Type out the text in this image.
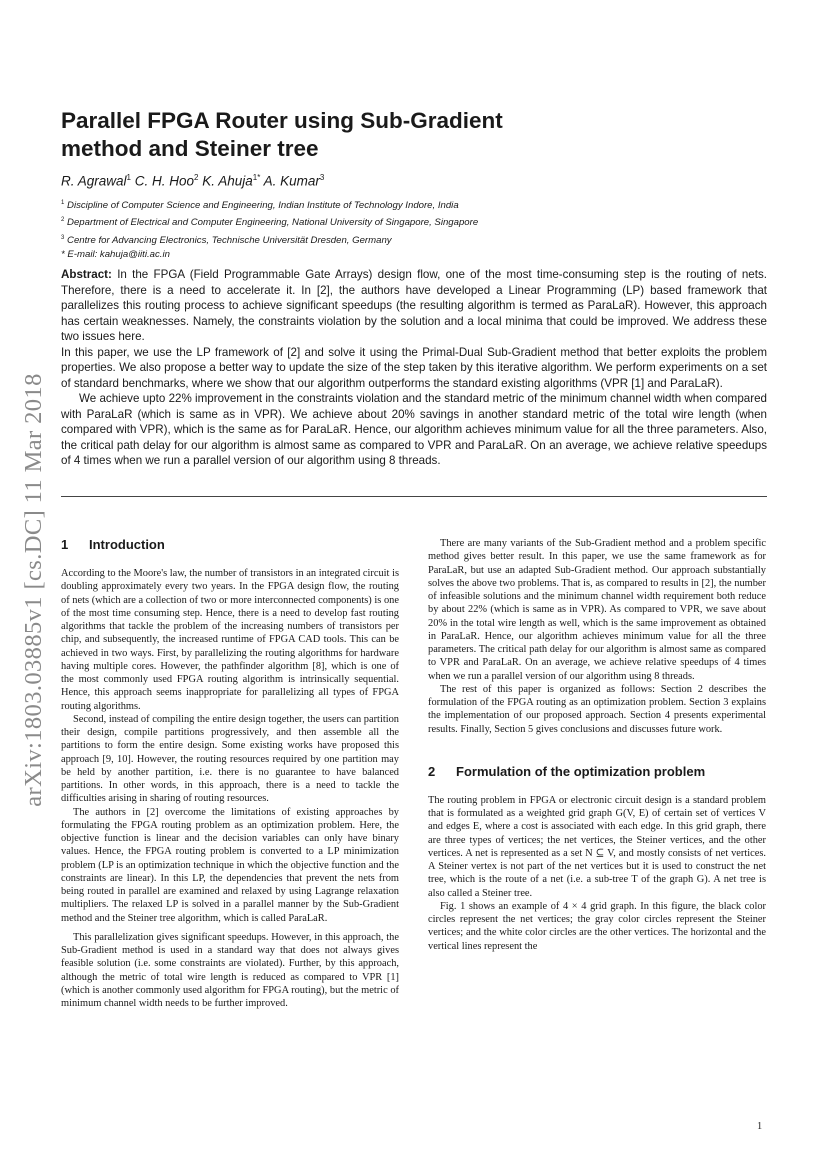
arXiv:1803.03885v1 [cs.DC] 11 Mar 2018
Parallel FPGA Router using Sub-Gradient
method and Steiner tree
R. Agrawal$^1$ C. H. Hoo$^2$ K. Ahuja$^{1*}$ A. Kumar$^3$
$^1$ Discipline of Computer Science and Engineering, Indian Institute of Technology Indore, India
$^2$ Department of Electrical and Computer Engineering, National University of Singapore, Singapore
$^3$ Centre for Advancing Electronics, Technische Universität Dresden, Germany
* E-mail: kahuja@iiti.ac.in

Abstract: In the FPGA (Field Programmable Gate Arrays) design flow, one of the most time-consuming step is the routing of nets. Therefore, there is a need to accelerate it. In [2], the authors have developed a Linear Programming (LP) based framework that parallelizes this routing process to achieve significant speedups (the resulting algorithm is termed as ParaLaR). However, this approach has certain weaknesses. Namely, the constraints violation by the solution and a local minima that could be improved. We address these two issues here.

In this paper, we use the LP framework of [2] and solve it using the Primal-Dual Sub-Gradient method that better exploits the problem properties. We also propose a better way to update the size of the step taken by this iterative algorithm. We perform experiments on a set of standard benchmarks, where we show that our algorithm outperforms the standard existing algorithms (VPR [1] and ParaLaR).

We achieve upto 22% improvement in the constraints violation and the standard metric of the minimum channel width when compared with ParaLaR (which is same as in VPR). We achieve about 20% savings in another standard metric of the total wire length (when compared with VPR), which is the same as for ParaLaR. Hence, our algorithm achieves minimum value for all the three parameters. Also, the critical path delay for our algorithm is almost same as compared to VPR and ParaLaR. On an average, we achieve relative speedups of 4 times when we run a parallel version of our algorithm using 8 threads.

1 Introduction

According to the Moore's law, the number of transistors in an integrated circuit is doubling approximately every two years. In the FPGA design flow, the routing of nets (which are a collection of two or more interconnected components) is one of the most time consuming step. Hence, there is a need to develop fast routing algorithms that tackle the problem of the increasing numbers of transistors per chip, and subsequently, the increased runtime of FPGA CAD tools. This can be achieved in two ways. First, by parallelizing the routing algorithms for hardware having multiple cores. However, the pathfinder algorithm [8], which is one of the most commonly used FPGA routing algorithm is intrinsically sequential. Hence, this approach seems inappropriate for parallelizing all types of FPGA routing algorithms.

Second, instead of compiling the entire design together, the users can partition their design, compile partitions progressively, and then assemble all the partitions to form the entire design. Some existing works have proposed this approach [9, 10]. However, the routing resources required by one partition may be held by another partition, i.e. there is no guarantee to have balanced partitions. In other words, in this approach, there is a need to tackle the difficulties arising in sharing of routing resources.

The authors in [2] overcome the limitations of existing approaches by formulating the FPGA routing problem as an optimization problem. Here, the objective function is linear and the decision variables can only have binary values. Hence, the FPGA routing problem is converted to a LP minimization problem (LP is an optimization technique in which the objective function and the constraints are linear). In this LP, the dependencies that prevent the nets from being routed in parallel are examined and relaxed by using Lagrange relaxation multipliers. The relaxed LP is solved in a parallel manner by the Sub-Gradient method and the Steiner tree algorithm, which is called ParaLaR.

This parallelization gives significant speedups. However, in this approach, the Sub-Gradient method is used in a standard way that does not always gives feasible solution (i.e. some constraints are violated). Further, by this approach, although the metric of total wire length is reduced as compared to VPR [1] (which is another commonly used algorithm for FPGA routing), but the metric of minimum channel width needs to be further improved.

There are many variants of the Sub-Gradient method and a problem specific method gives better result. In this paper, we use the same framework as for ParaLaR, but use an adapted Sub-Gradient method. Our approach substantially solves the above two problems. That is, as compared to results in [2], the number of infeasible solutions and the minimum channel width requirement both reduce by about 22% (which is same as in VPR). As compared to VPR, we save about 20% in the total wire length as well, which is the same improvement as obtained in ParaLaR. Hence, our algorithm achieves minimum value for all the three parameters. The critical path delay for our algorithm is almost same as compared to VPR and ParaLaR. On an average, we achieve relative speedups of 4 times when we run a parallel version of our algorithm using 8 threads.

The rest of this paper is organized as follows: Section 2 describes the formulation of the FPGA routing as an optimization problem. Section 3 explains the implementation of our proposed approach. Section 4 presents experimental results. Finally, Section 5 gives conclusions and discusses future work.

2 Formulation of the optimization problem

The routing problem in FPGA or electronic circuit design is a standard problem that is formulated as a weighted grid graph G(V, E) of certain set of vertices V and edges E, where a cost is associated with each edge. In this grid graph, there are three types of vertices; the net vertices, the Steiner vertices, and the other vertices. A net is represented as a set N ⊆ V, and mostly consists of net vertices. A Steiner vertex is not part of the net vertices but it is used to construct the net tree, which is the route of a net (i.e. a sub-tree T of the graph G). A net tree is also called a Steiner tree.

Fig. 1 shows an example of 4 × 4 grid graph. In this figure, the black color circles represent the net vertices; the gray color circles represent the Steiner vertices; and the white color circles are the other vertices. The horizontal and the vertical lines represent the

1
